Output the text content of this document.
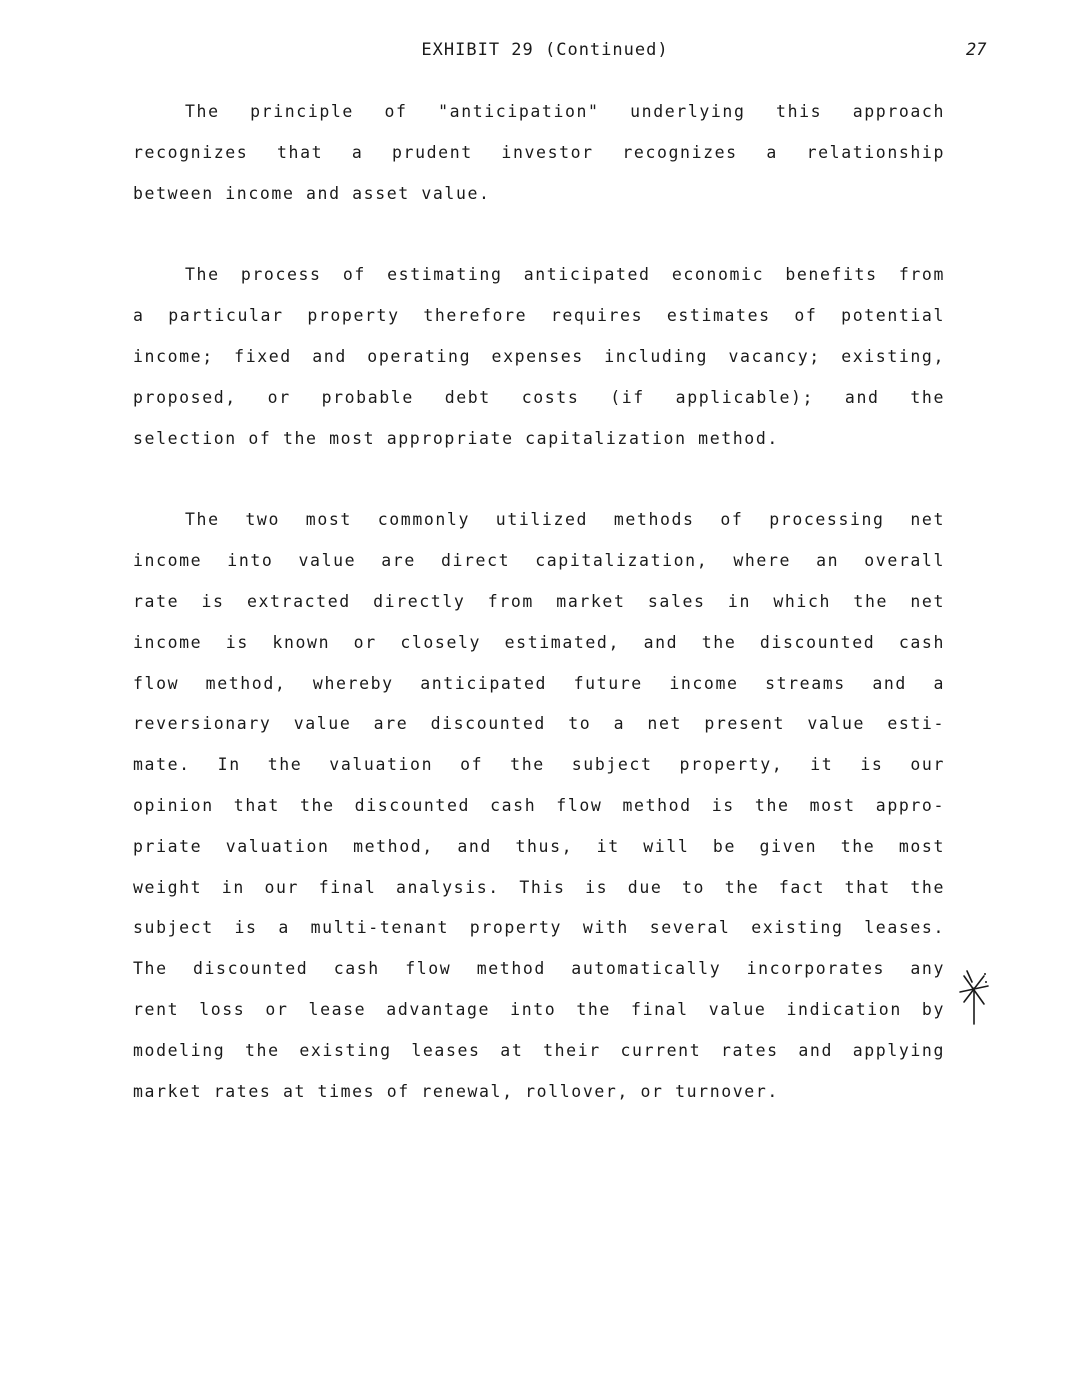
EXHIBIT 29 (Continued)	27
The principle of "anticipation" underlying this approach
recognizes that a prudent investor recognizes a relationship
between income and asset value.
The process of estimating anticipated economic benefits from
a particular property therefore requires estimates of potential
income; fixed and operating expenses including vacancy; existing,
proposed, or probable debt costs (if applicable); and the
selection of the most appropriate capitalization method.
The two most commonly utilized methods of processing net
income into value are direct capitalization, where an overall
rate is extracted directly from market sales in which the net
income is known or closely estimated, and the discounted cash
flow method, whereby anticipated future income streams and a
reversionary value are discounted to a net present value esti-
mate. In the valuation of the subject property, it is our
opinion that the discounted cash flow method is the most appro-
priate valuation method, and thus, it will be given the most
weight in our final analysis. This is due to the fact that the
subject is a multi-tenant property with several existing leases.
The discounted cash flow method automatically incorporates any
rent loss or lease advantage into the final value indication by
modeling the existing leases at their current rates and applying
market rates at times of renewal, rollover, or turnover.
